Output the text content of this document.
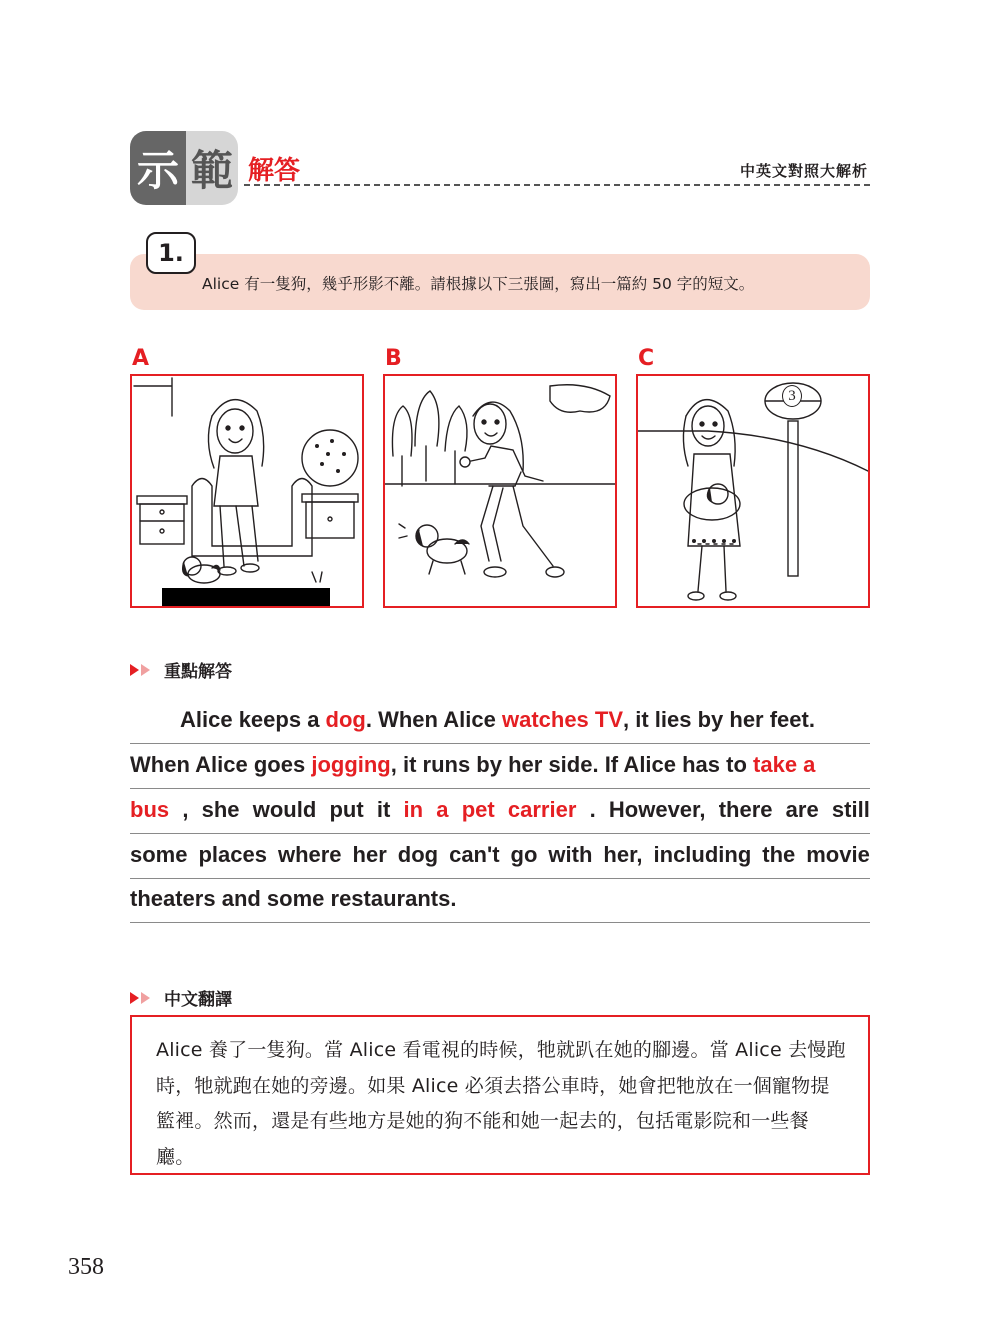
示 範 解答	中英文對照大解析
1.
Alice 有一隻狗，幾乎形影不離。請根據以下三張圖，寫出一篇約 50 字的短文。
A	B	C
3
重點解答
Alice keeps a dog . When Alice watches TV , it lies by her feet.
When Alice goes jogging , it runs by her side. If Alice has to take a
bus , she would put it in a pet carrier . However, there are still
some places where her dog can't go with her, including the movie
theaters and some restaurants.
中文翻譯
Alice 養了一隻狗。當 Alice 看電視的時候，牠就趴在她的腳邊。當 Alice 去慢跑時，牠就跑在她的旁邊。如果 Alice 必須去搭公車時，她會把牠放在一個寵物提籃裡。然而，還是有些地方是她的狗不能和她一起去的，包括電影院和一些餐廳。
358
